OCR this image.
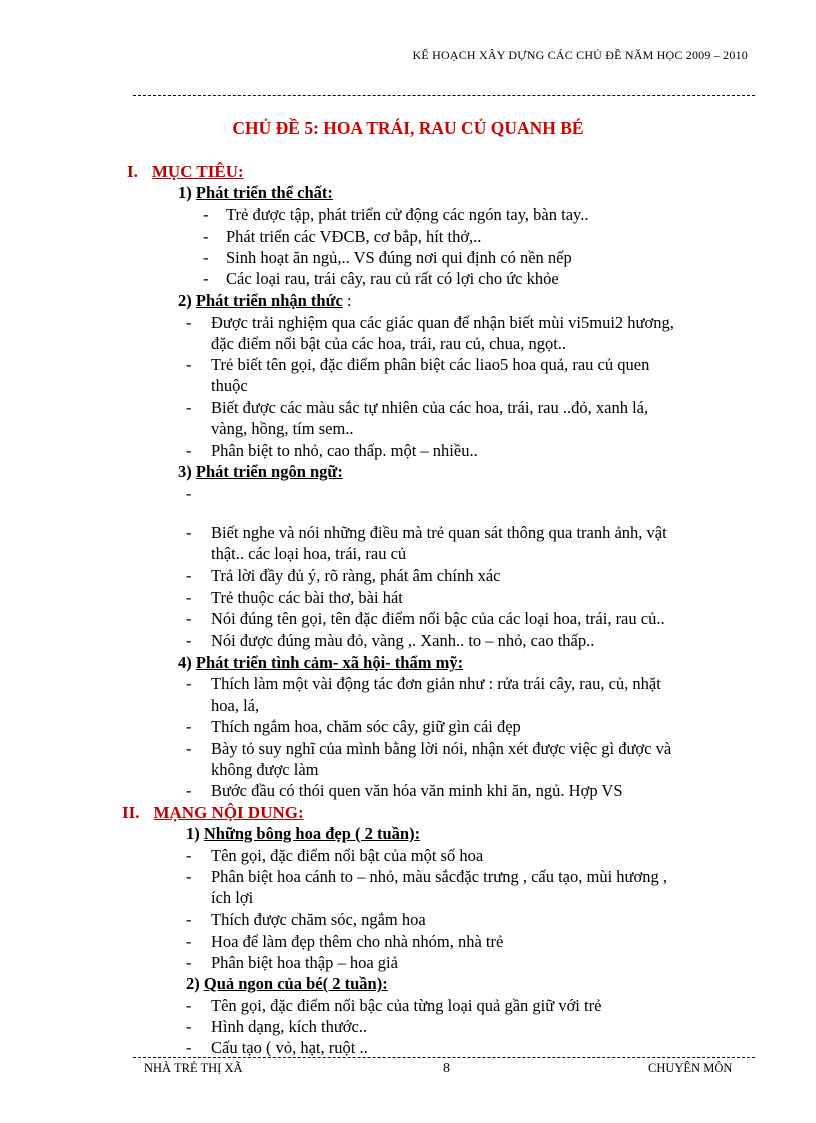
KẾ HOẠCH XÂY DỰNG CÁC CHỦ ĐỀ NĂM HỌC 2009 – 2010
CHỦ ĐỀ 5: HOA TRÁI, RAU CỦ QUANH BÉ
I. MỤC TIÊU:
1) Phát triển thể chất:
- Trẻ được tập, phát triển cử động các ngón tay, bàn tay..
- Phát triển các VĐCB, cơ bắp, hít thở,..
- Sinh hoạt ăn ngủ,.. VS đúng nơi qui định có nền nếp
- Các loại rau, trái cây, rau củ rất có lợi cho ức khỏe
2) Phát triển nhận thức :
- Được trải nghiệm qua các giác quan để nhận biết mùi vi5mui2 hương,
đặc điểm nổi bật của các hoa, trái, rau củ, chua, ngọt..
- Trẻ biết tên gọi, đặc điểm phân biệt các liao5 hoa quả, rau củ quen
thuộc
- Biết được các màu sắc tự nhiên của các hoa, trái, rau ..đỏ, xanh lá,
vàng, hồng, tím sem..
- Phân biệt to nhỏ, cao thấp. một – nhiều..
3) Phát triển ngôn ngữ:
-
- Biết nghe và nói những điều mà trẻ quan sát thông qua tranh ảnh, vật
thật.. các loại hoa, trái, rau củ
- Trả lời đầy đủ ý, rõ ràng, phát âm chính xác
- Trẻ thuộc các bài thơ, bài hát
- Nói đúng tên gọi, tên đặc điểm nổi bậc của các loại hoa, trái, rau củ..
- Nói được đúng màu đỏ, vàng ,. Xanh.. to – nhỏ, cao thấp..
4) Phát triển tình cảm- xã hội- thẩm mỹ:
- Thích làm một vài động tác đơn giản như : rửa trái cây, rau, củ, nhặt
hoa, lá,
- Thích ngắm hoa, chăm sóc cây, giữ gìn cái đẹp
- Bày tỏ suy nghĩ của mình bằng lời nói, nhận xét được việc gì được và
không được làm
- Bước đầu có thói quen văn hóa văn minh khi ăn, ngủ. Hợp VS
II. MẠNG NỘI DUNG:
1) Những bông hoa đẹp ( 2 tuần):
- Tên gọi, đặc điểm nổi bật của một số hoa
- Phân biệt hoa cánh to – nhỏ, màu sắcđặc trưng , cấu tạo, mùi hương ,
ích lợi
- Thích được chăm sóc, ngắm hoa
- Hoa để làm đẹp thêm cho nhà nhóm, nhà trẻ
- Phân biệt hoa thập – hoa giả
2) Quả ngon của bé( 2 tuần):
- Tên gọi, đặc điểm nổi bậc của từng loại quả gần giữ với trẻ
- Hình dạng, kích thước..
- Cấu tạo ( vỏ, hạt, ruột ..
NHÀ TRẺ THỊ XÃ	8	CHUYÊN MÔN
